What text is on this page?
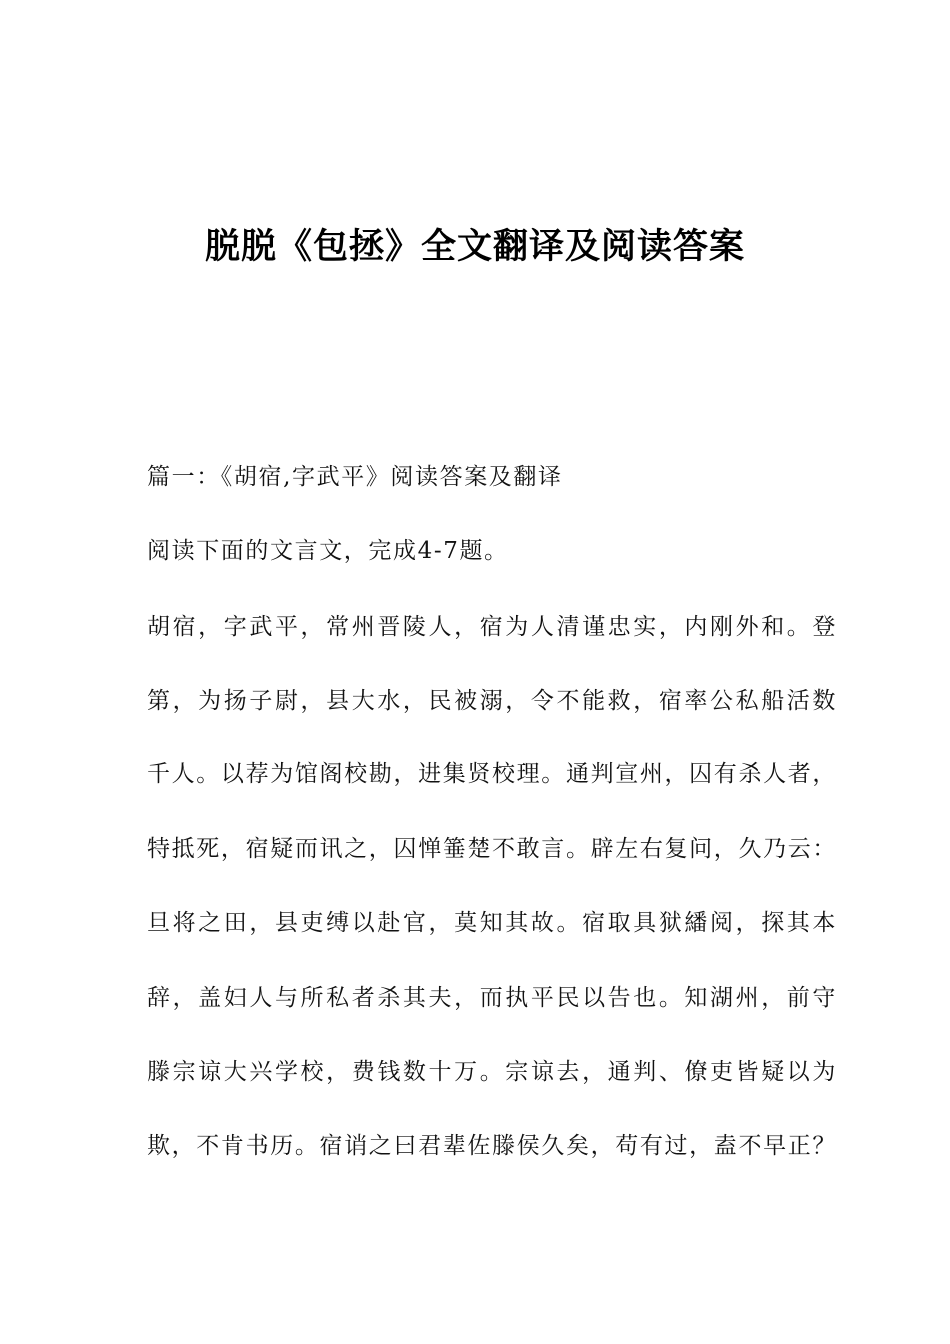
脱脱《包拯》全文翻译及阅读答案
篇一：《胡宿,字武平》阅读答案及翻译
阅读下面的文言文，完成4-7题。
胡宿，字武平，常州晋陵人，宿为人清谨忠实，内刚外和。登
第，为扬子尉，县大水，民被溺，令不能救，宿率公私船活数
千人。以荐为馆阁校勘，进集贤校理。通判宣州，囚有杀人者，
特抵死，宿疑而讯之，囚惮箠楚不敢言。辟左右复问，久乃云：
旦将之田，县吏缚以赴官，莫知其故。宿取具狱繙阅，探其本
辞，盖妇人与所私者杀其夫，而执平民以告也。知湖州，前守
滕宗谅大兴学校，费钱数十万。宗谅去，通判、僚吏皆疑以为
欺，不肯书历。宿诮之曰君辈佐滕侯久矣，苟有过，盍不早正？
